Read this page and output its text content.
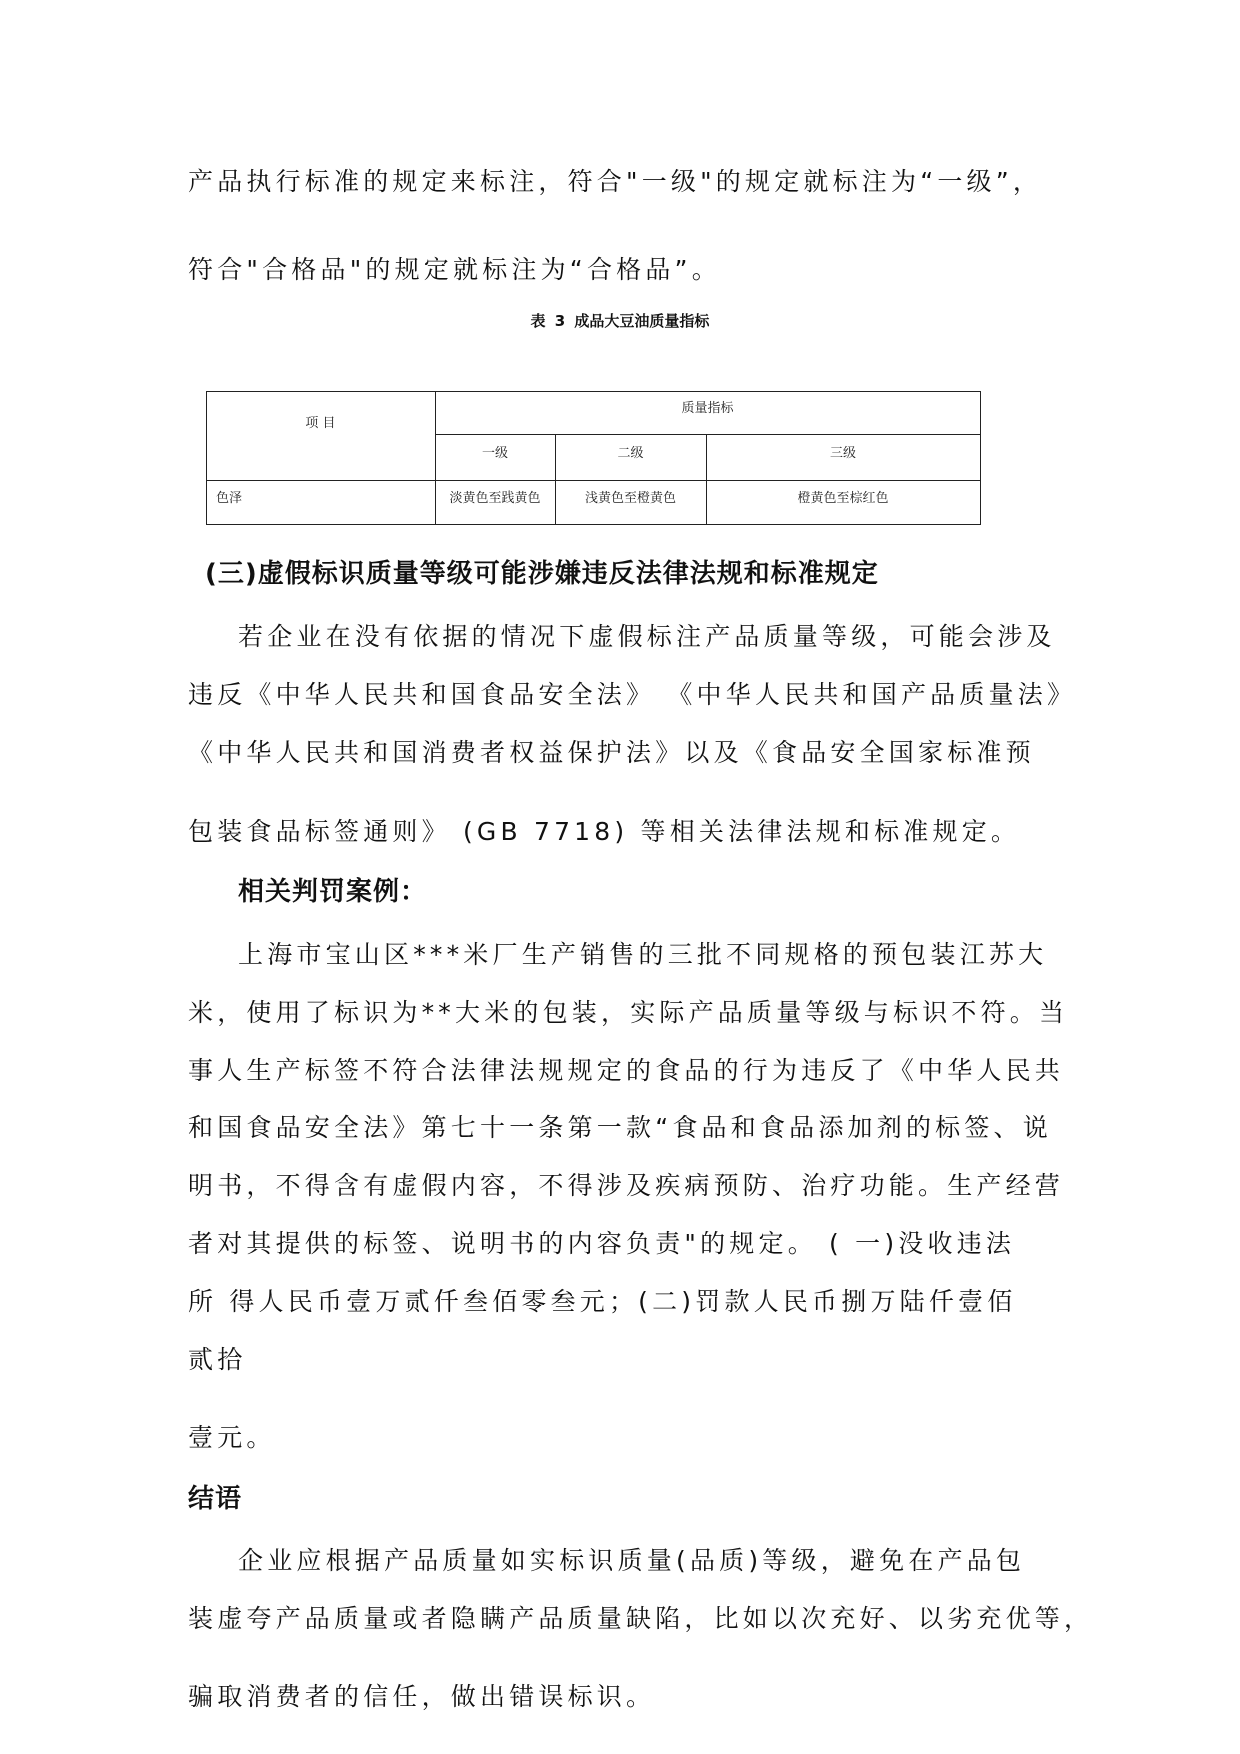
产品执行标准的规定来标注，符合"一级"的规定就标注为“一级”，
符合"合格品"的规定就标注为“合格品”。
表 3 成品大豆油质量指标
项 目
质量指标
一级	二级	三级
色泽	淡黄色至践黄色	浅黄色至橙黄色	橙黄色至棕红色
(三)虚假标识质量等级可能涉嫌违反法律法规和标准规定
若企业在没有依据的情况下虚假标注产品质量等级，可能会涉及
违反《中华人民共和国食品安全法》 《中华人民共和国产品质量法》
《中华人民共和国消费者权益保护法》以及《食品安全国家标准预
包装食品标签通则》 (GB 7718) 等相关法律法规和标准规定。
相关判罚案例：
上海市宝山区***米厂生产销售的三批不同规格的预包装江苏大
米，使用了标识为**大米的包装，实际产品质量等级与标识不符。当
事人生产标签不符合法律法规规定的食品的行为违反了《中华人民共
和国食品安全法》第七十一条第一款“食品和食品添加剂的标签、说
明书，不得含有虚假内容，不得涉及疾病预防、治疗功能。生产经营
者对其提供的标签、说明书的内容负责"的规定。 ( 一)没收违法
所 得人民币壹万贰仟叁佰零叁元；(二)罚款人民币捌万陆仟壹佰
贰拾
壹元。
结语
企业应根据产品质量如实标识质量(品质)等级，避免在产品包
装虚夸产品质量或者隐瞒产品质量缺陷，比如以次充好、以劣充优等，
骗取消费者的信任，做出错误标识。
